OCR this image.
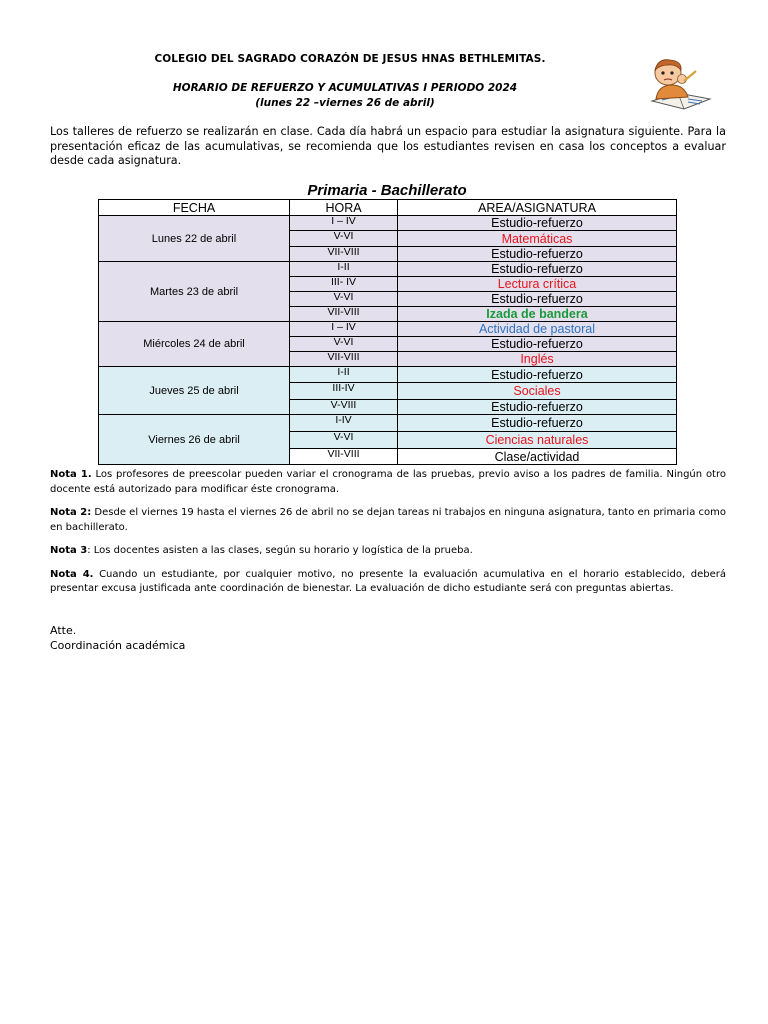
COLEGIO DEL SAGRADO CORAZÓN DE JESUS HNAS BETHLEMITAS.
HORARIO DE REFUERZO Y ACUMULATIVAS I PERIODO 2024
(lunes 22 –viernes 26 de abril)
Los talleres de refuerzo se realizarán en clase. Cada día habrá un espacio para estudiar la asignatura siguiente. Para la presentación eficaz de las acumulativas, se recomienda que los estudiantes revisen en casa los conceptos a evaluar desde cada asignatura.
Primaria - Bachillerato
FECHA	HORA	AREA/ASIGNATURA
Lunes 22 de abril	I – IV	Estudio-refuerzo
	V-VI	Matemáticas
	VII-VIII	Estudio-refuerzo
Martes 23 de abril	I-II	Estudio-refuerzo
	III- IV	Lectura crítica
	V-VI	Estudio-refuerzo
	VII-VIII	Izada de bandera
Miércoles 24 de abril	I – IV	Actividad de pastoral
	V-VI	Estudio-refuerzo
	VII-VIII	Inglés
Jueves 25 de abril	I-II	Estudio-refuerzo
	III-IV	Sociales
	V-VIII	Estudio-refuerzo
Viernes 26 de abril	I-IV	Estudio-refuerzo
	V-VI	Ciencias naturales
	VII-VIII	Clase/actividad

Nota 1. Los profesores de preescolar pueden variar el cronograma de las pruebas, previo aviso a los padres de familia. Ningún otro docente está autorizado para modificar éste cronograma.

Nota 2: Desde el viernes 19 hasta el viernes 26 de abril no se dejan tareas ni trabajos en ninguna asignatura, tanto en primaria como en bachillerato.

Nota 3: Los docentes asisten a las clases, según su horario y logística de la prueba.

Nota 4. Cuando un estudiante, por cualquier motivo, no presente la evaluación acumulativa en el horario establecido, deberá presentar excusa justificada ante coordinación de bienestar. La evaluación de dicho estudiante será con preguntas abiertas.

Atte.
Coordinación académica
